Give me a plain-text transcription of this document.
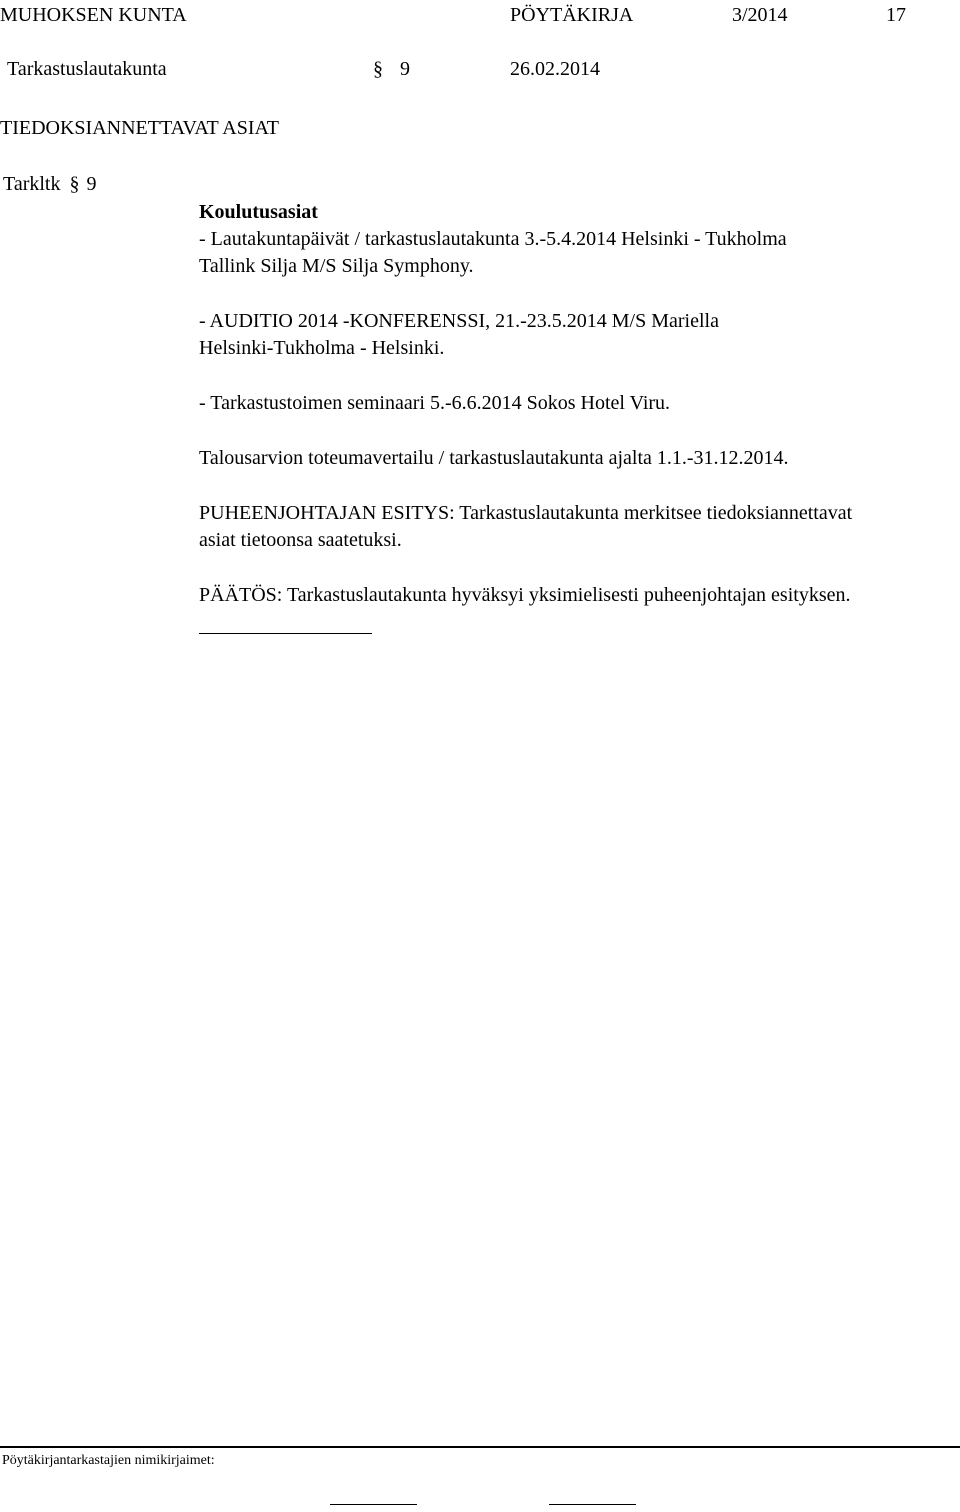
MUHOKSEN KUNTA	PÖYTÄKIRJA	3/2014	17
Tarkastuslautakunta	§ 9	26.02.2014
TIEDOKSIANNETTAVAT ASIAT
Tarkltk § 9
Koulutusasiat
- Lautakuntapäivät / tarkastuslautakunta 3.-5.4.2014 Helsinki - Tukholma
Tallink Silja M/S Silja Symphony.
- AUDITIO 2014 -KONFERENSSI, 21.-23.5.2014 M/S Mariella
Helsinki-Tukholma - Helsinki.
- Tarkastustoimen seminaari 5.-6.6.2014 Sokos Hotel Viru.
Talousarvion toteumavertailu / tarkastuslautakunta ajalta 1.1.-31.12.2014.
PUHEENJOHTAJAN ESITYS: Tarkastuslautakunta merkitsee tiedoksiannettavat
asiat tietoonsa saatetuksi.
PÄÄTÖS: Tarkastuslautakunta hyväksyi yksimielisesti puheenjohtajan esityksen.
Pöytäkirjantarkastajien nimikirjaimet:
